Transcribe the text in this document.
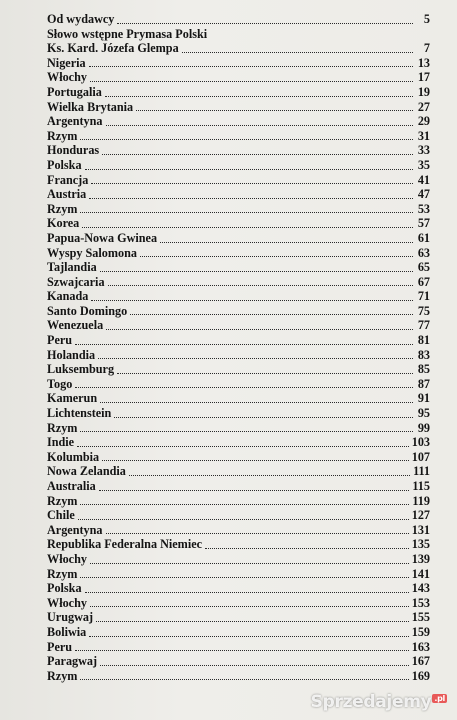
Od wydawcy	5
Słowo wstępne Prymasa Polski
Ks. Kard. Józefa Glempa	7
Nigeria	13
Włochy	17
Portugalia	19
Wielka Brytania	27
Argentyna	29
Rzym	31
Honduras	33
Polska	35
Francja	41
Austria	47
Rzym	53
Korea	57
Papua-Nowa Gwinea	61
Wyspy Salomona	63
Tajlandia	65
Szwajcaria	67
Kanada	71
Santo Domingo	75
Wenezuela	77
Peru	81
Holandia	83
Luksemburg	85
Togo	87
Kamerun	91
Lichtenstein	95
Rzym	99
Indie	103
Kolumbia	107
Nowa Zelandia	111
Australia	115
Rzym	119
Chile	127
Argentyna	131
Republika Federalna Niemiec	135
Włochy	139
Rzym	141
Polska	143
Włochy	153
Urugwaj	155
Boliwia	159
Peru	163
Paragwaj	167
Rzym	169
Sprzedajemy .pl
